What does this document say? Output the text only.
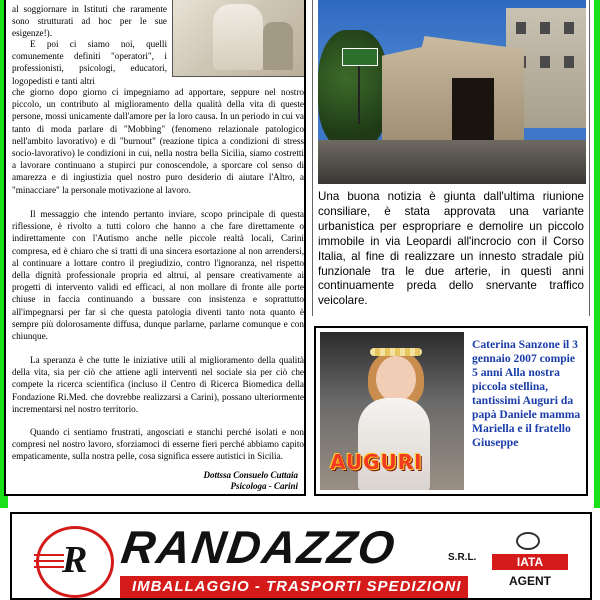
al soggiornare in Istituti che raramente sono strutturati ad hoc per le sue esigenze!).

E poi ci siamo noi, quelli comunemente definiti "operatori", i professionisti, psicologi, educatori, logopedisti e tanti altri

che giorno dopo giorno ci impegniamo ad apportare, seppure nel nostro piccolo, un contributo al miglioramento della qualità della vita di queste persone, mossi unicamente dall'amore per la loro causa. In un periodo in cui va tanto di moda parlare di "Mobbing" (fenomeno relazionale patologico nell'ambito lavorativo) e di "burnout" (reazione tipica a condizioni di stress socio-lavorativo) le condizioni in cui, nella nostra bella Sicilia, siamo costretti a lavorare continuano a stupirci pur conoscendole, a sporcare col senso di amarezza e di ingiustizia quel nostro puro desiderio di aiutare l'Altro, a "minacciare" la personale motivazione al lavoro.

Il messaggio che intendo pertanto inviare, scopo principale di questa riflessione, è rivolto a tutti coloro che hanno a che fare direttamente o indirettamente con l'Autismo anche nelle piccole realtà locali, Carini compresa, ed è chiaro che si tratti di una sincera esortazione al non arrendersi, al continuare a lottare contro il pregiudizio, contro l'ignoranza, nel rispetto della dignità professionale propria ed altrui, al pensare creativamente ai progetti di intervento validi ed efficaci, al non mollare di fronte alle porte chiuse in faccia continuando a bussare con insistenza e soprattutto all'impegnarsi per far sì che questa patologia diventi tanto nota quanto è sempre più dolorosamente diffusa, dunque parlarne, parlarne comunque e con chiunque.

La speranza è che tutte le iniziative utili al miglioramento della qualità della vita, sia per ciò che attiene agli interventi nel sociale sia per ciò che compete la ricerca scientifica (incluso il Centro di Ricerca Biomedica della Fondazione Ri.Med. che dovrebbe realizzarsi a Carini), possano ulteriormente incrementarsi nel nostro territorio.

Quando ci sentiamo frustrati, angosciati e stanchi perché isolati e non compresi nel nostro lavoro, sforziamoci di esserne fieri perché abbiamo capito empaticamente, sulla nostra pelle, cosa significa essere autistici in Sicilia.

Dottssa Consuelo Cuttaia
Psicologa - Carini

Una buona notizia è giunta dall'ultima riunione consiliare, è stata approvata una variante urbanistica per espropriare e demolire un piccolo immobile in via Leopardi all'incrocio con il Corso Italia, al fine di realizzare un innesto stradale più funzionale tra le due arterie, in questi anni continuamente preda dello snervante traffico veicolare.

AUGURI

Caterina Sanzone il 3 gennaio 2007 compie 5 anni Alla nostra piccola stellina, tantissimi Auguri da papà Daniele mamma Mariella e il fratello Giuseppe

R RANDAZZO	S.R.L.
IMBALLAGGIO - TRASPORTI SPEDIZIONI
IATA
AGENT
